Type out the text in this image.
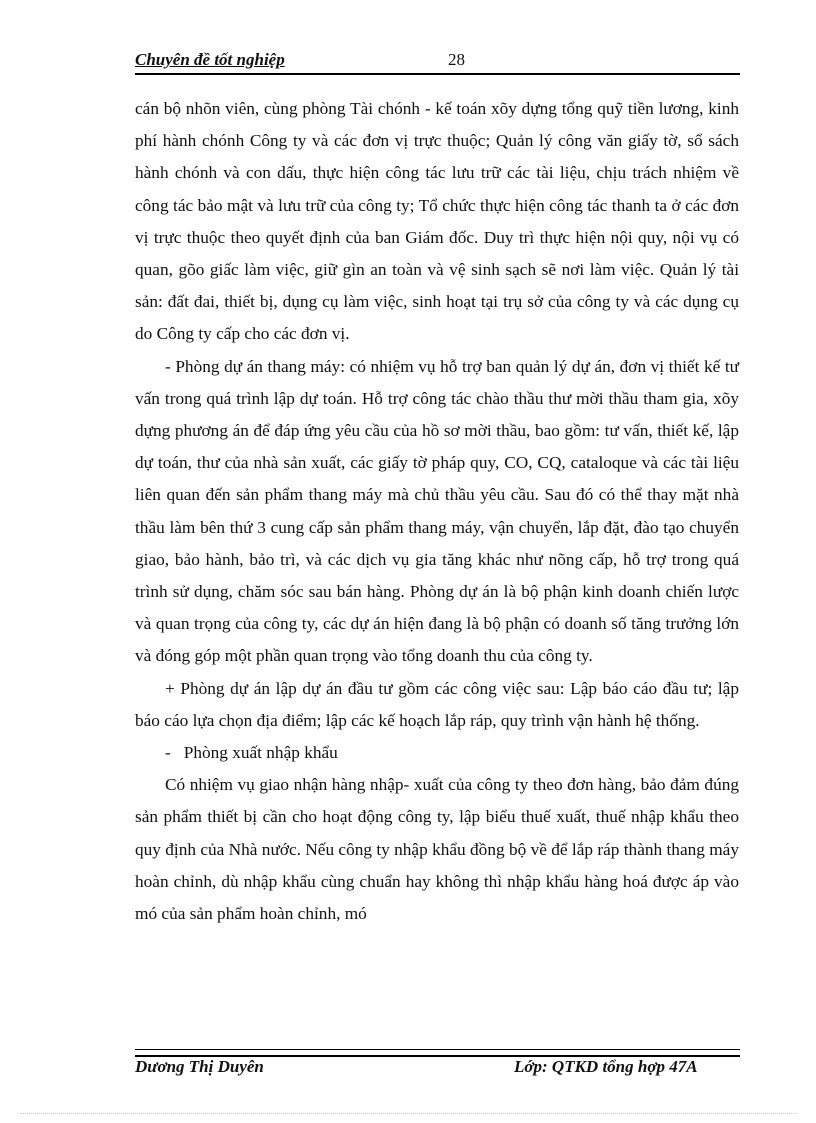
Chuyên đề tốt nghiệp	28

cán bộ nhõn viên, cùng phòng Tài chónh - kế toán xõy dựng tổng quỹ tiền lương, kinh phí hành chónh Công ty và các đơn vị trực thuộc; Quản lý công văn giấy tờ, sổ sách hành chónh và con dấu, thực hiện công tác lưu trữ các tài liệu, chịu trách nhiệm về công tác bảo mật và lưu trữ của công ty; Tổ chức thực hiện công tác thanh ta ở các đơn vị trực thuộc theo quyết định của ban Giám đốc. Duy trì thực hiện nội quy, nội vụ có quan, gõo giấc làm việc, giữ gìn an toàn và vệ sinh sạch sẽ nơi làm việc. Quản lý tài sản: đất đai, thiết bị, dụng cụ làm việc, sinh hoạt tại trụ sở của công ty và các dụng cụ do Công ty cấp cho các đơn vị.

- Phòng dự án thang máy: có nhiệm vụ hỗ trợ ban quản lý dự án, đơn vị thiết kế tư vấn trong quá trình lập dự toán. Hỗ trợ công tác chào thầu thư mời thầu tham gia, xõy dựng phương án để đáp ứng yêu cầu của hồ sơ mời thầu, bao gồm: tư vấn, thiết kế, lập dự toán, thư của nhà sản xuất, các giấy tờ pháp quy, CO, CQ, cataloque và các tài liệu liên quan đến sản phẩm thang máy mà chủ thầu yêu cầu. Sau đó có thể thay mặt nhà thầu làm bên thứ 3 cung cấp sản phẩm thang máy, vận chuyển, lắp đặt, đào tạo chuyển giao, bảo hành, bảo trì, và các dịch vụ gia tăng khác như nõng cấp, hỗ trợ trong quá trình sử dụng, chăm sóc sau bán hàng. Phòng dự án là bộ phận kinh doanh chiến lược và quan trọng của công ty, các dự án hiện đang là bộ phận có doanh số tăng trưởng lớn và đóng góp một phần quan trọng vào tổng doanh thu của công ty.

+ Phòng dự án lập dự án đầu tư gồm các công việc sau: Lập báo cáo đầu tư; lập báo cáo lựa chọn địa điểm; lập các kế hoạch lắp ráp, quy trình vận hành hệ thống.

-   Phòng xuất nhập khẩu

Có nhiệm vụ giao nhận hàng nhập- xuất của công ty theo đơn hàng, bảo đảm đúng sản phẩm thiết bị cần cho hoạt động công ty, lập biểu thuế xuất, thuế nhập khẩu theo quy định của Nhà nước. Nếu công ty nhập khẩu đồng bộ về để lắp ráp thành thang máy hoàn chỉnh, dù nhập khẩu cùng chuẩn hay không thì nhập khẩu hàng hoá được áp vào mó của sản phẩm hoàn chỉnh, mó

Dương Thị Duyên	Lớp: QTKD tổng hợp 47A
